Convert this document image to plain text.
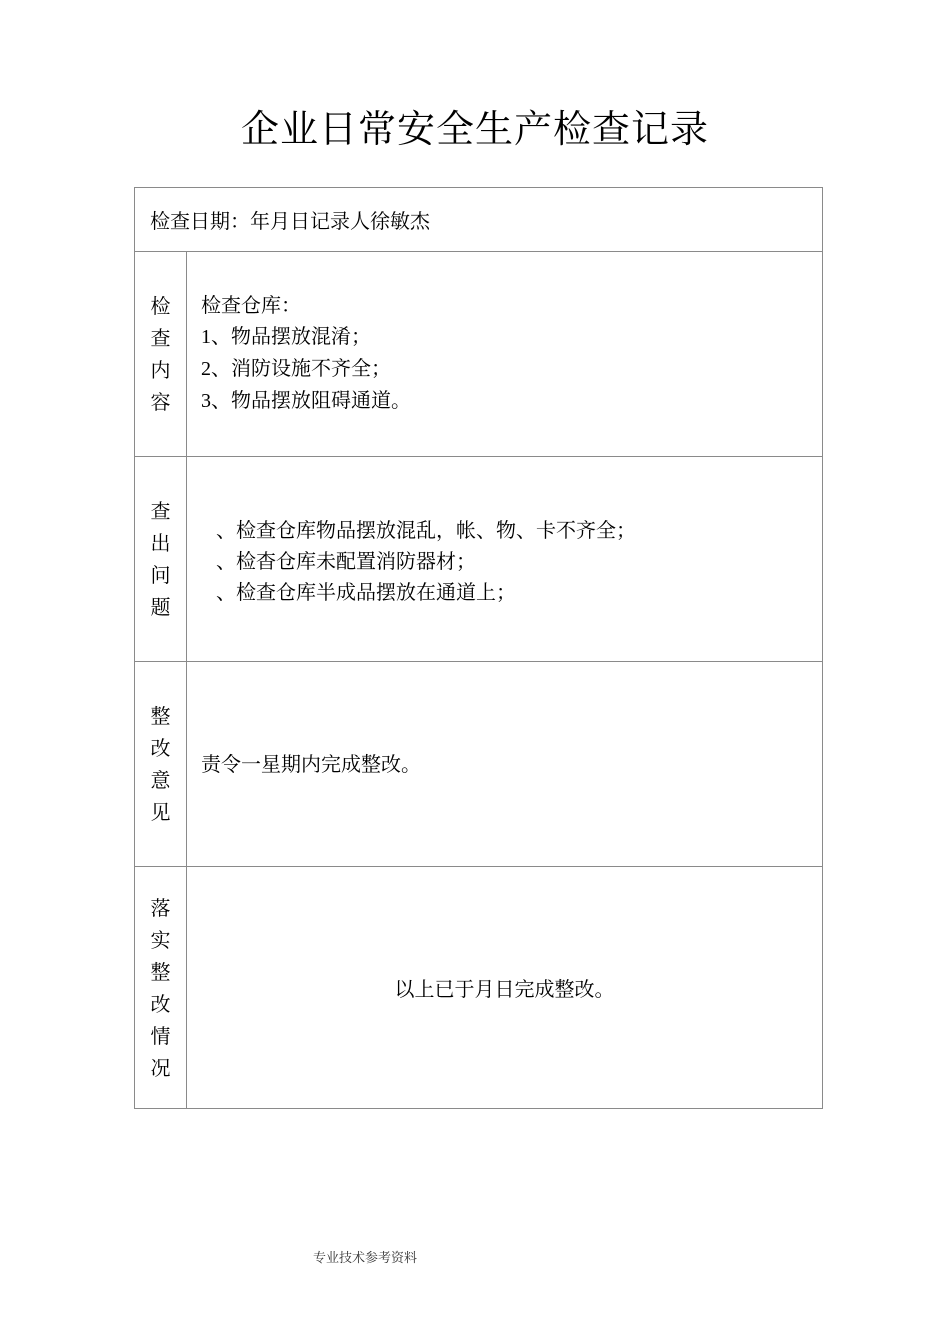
企业日常安全生产检查记录
检查日期：年月日记录人徐敏杰	
检查内容	检查仓库：
1、物品摆放混淆；
2、消防设施不齐全；
3、物品摆放阻碍通道。

查出问题	、检查仓库物品摆放混乱，帐、物、卡不齐全；
、检杳仓库未配置消防器材；
、检查仓库半成品摆放在通道上；

整改意见	责令一星期内完成整改。

落实整改情况	以上已于月日完成整改。
专业技术参考资料
